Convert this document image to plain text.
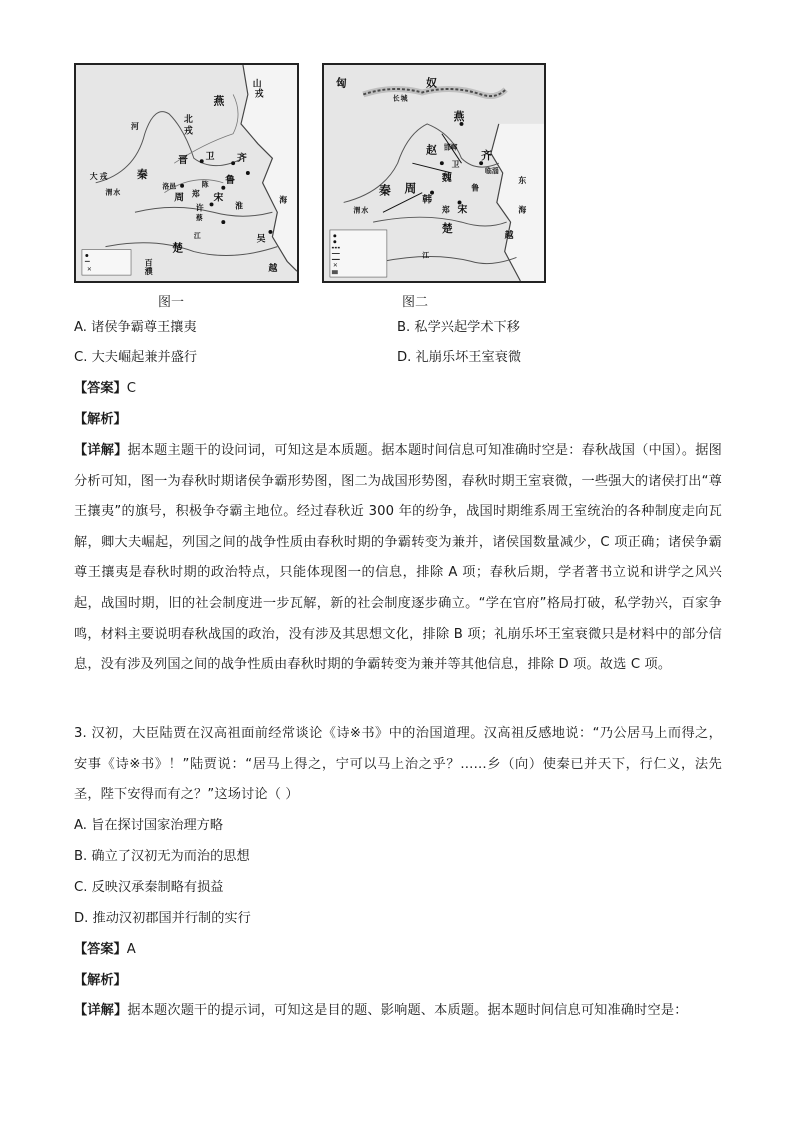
山
戎
燕
北
戎
河
秦
卫
晋	齐
大 戎
洛邑
周 郑
鲁
宋
许	淮
楚
吴
越
百
濮
渭 水
江
海
陈
蔡
✕
匈	奴
燕
赵	齐
魏
韩
周
秦
宋
楚
越
东
海
卫
郑
鲁
渭 水
江
长 城
邯郸
临淄
✕
图一	图二
A. 诸侯争霸尊王攘夷	B. 私学兴起学术下移
C. 大夫崛起兼并盛行	D. 礼崩乐坏王室衰微
【答案】C
【解析】
【详解】据本题主题干的设问词，可知这是本质题。据本题时间信息可知准确时空是：春秋战国（中国）。据图分析可知，图一为春秋时期诸侯争霸形势图，图二为战国形势图，春秋时期王室衰微，一些强大的诸侯打出“尊王攘夷”的旗号，积极争夺霸主地位。经过春秋近 300 年的纷争，战国时期维系周王室统治的各种制度走向瓦解，卿大夫崛起，列国之间的战争性质由春秋时期的争霸转变为兼并，诸侯国数量减少，C 项正确；诸侯争霸尊王攘夷是春秋时期的政治特点，只能体现图一的信息，排除 A 项；春秋后期，学者著书立说和讲学之风兴起，战国时期，旧的社会制度进一步瓦解，新的社会制度逐步确立。“学在官府”格局打破，私学勃兴，百家争鸣，材料主要说明春秋战国的政治，没有涉及其思想文化，排除 B 项；礼崩乐坏王室衰微只是材料中的部分信息，没有涉及列国之间的战争性质由春秋时期的争霸转变为兼并等其他信息，排除 D 项。故选 C 项。
3. 汉初，大臣陆贾在汉高祖面前经常谈论《诗※书》中的治国道理。汉高祖反感地说：“乃公居马上而得之，安事《诗※书》！”陆贾说：“居马上得之，宁可以马上治之乎？……乡（向）使秦已并天下，行仁义，法先圣，陛下安得而有之？”这场讨论（ ）
A. 旨在探讨国家治理方略
B. 确立了汉初无为而治的思想
C. 反映汉承秦制略有损益
D. 推动汉初郡国并行制的实行
【答案】A
【解析】
【详解】据本题次题干的提示词，可知这是目的题、影响题、本质题。据本题时间信息可知准确时空是：
